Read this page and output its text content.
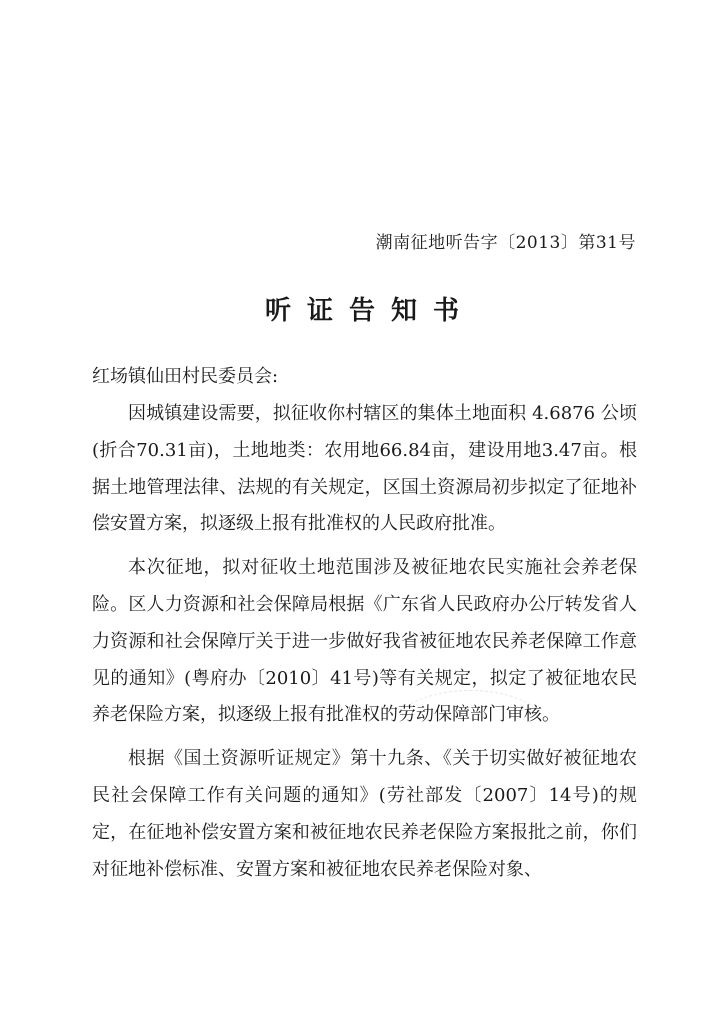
潮南征地听告字〔2013〕第31号
听证告知书
红场镇仙田村民委员会:

因城镇建设需要，拟征收你村辖区的集体土地面积 4.6876 公顷(折合70.31亩)，土地地类：农用地66.84亩，建设用地3.47亩。根据土地管理法律、法规的有关规定，区国土资源局初步拟定了征地补偿安置方案，拟逐级上报有批准权的人民政府批准。

本次征地，拟对征收土地范围涉及被征地农民实施社会养老保险。区人力资源和社会保障局根据《广东省人民政府办公厅转发省人力资源和社会保障厅关于进一步做好我省被征地农民养老保障工作意见的通知》(粤府办〔2010〕41号)等有关规定，拟定了被征地农民养老保险方案，拟逐级上报有批准权的劳动保障部门审核。

根据《国土资源听证规定》第十九条、《关于切实做好被征地农民社会保障工作有关问题的通知》(劳社部发〔2007〕14号)的规定，在征地补偿安置方案和被征地农民养老保险方案报批之前，你们对征地补偿标准、安置方案和被征地农民养老保险对象、
